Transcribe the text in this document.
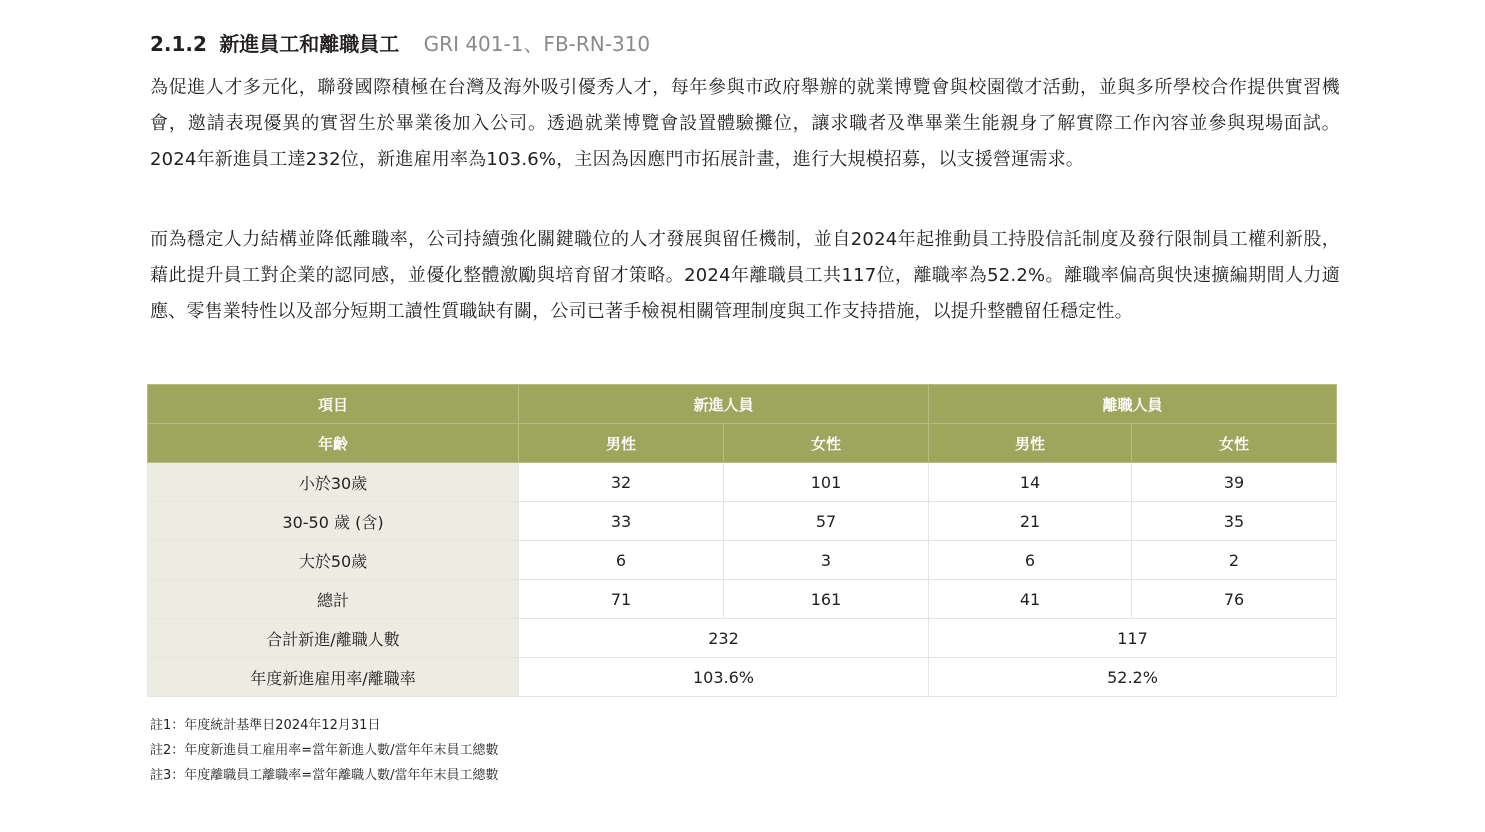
2.1.2 新進員工和離職員工 GRI 401-1、FB-RN-310

為促進人才多元化，聯發國際積極在台灣及海外吸引優秀人才，每年參與市政府舉辦的就業博覽會與校園徵才活動，並與多所學校合作提供實習機會，邀請表現優異的實習生於畢業後加入公司。透過就業博覽會設置體驗攤位，讓求職者及準畢業生能親身了解實際工作內容並參與現場面試。2024年新進員工達232位，新進雇用率為103.6%，主因為因應門市拓展計畫，進行大規模招募，以支援營運需求。

而為穩定人力結構並降低離職率，公司持續強化關鍵職位的人才發展與留任機制，並自2024年起推動員工持股信託制度及發行限制員工權利新股，藉此提升員工對企業的認同感，並優化整體激勵與培育留才策略。2024年離職員工共117位，離職率為52.2%。離職率偏高與快速擴編期間人力適應、零售業特性以及部分短期工讀性質職缺有關，公司已著手檢視相關管理制度與工作支持措施，以提升整體留任穩定性。

項目	新進人員		離職人員	
年齡	男性	女性	男性	女性
小於30歲	32	101	14	39
30-50 歲 (含)	33	57	21	35
大於50歲	6	3	6	2
總計	71	161	41	76
合計新進/離職人數	232		117	
年度新進雇用率/離職率	103.6%		52.2%	
註1：年度統計基準日2024年12月31日
註2：年度新進員工雇用率=當年新進人數/當年年末員工總數
註3：年度離職員工離職率=當年離職人數/當年年末員工總數
